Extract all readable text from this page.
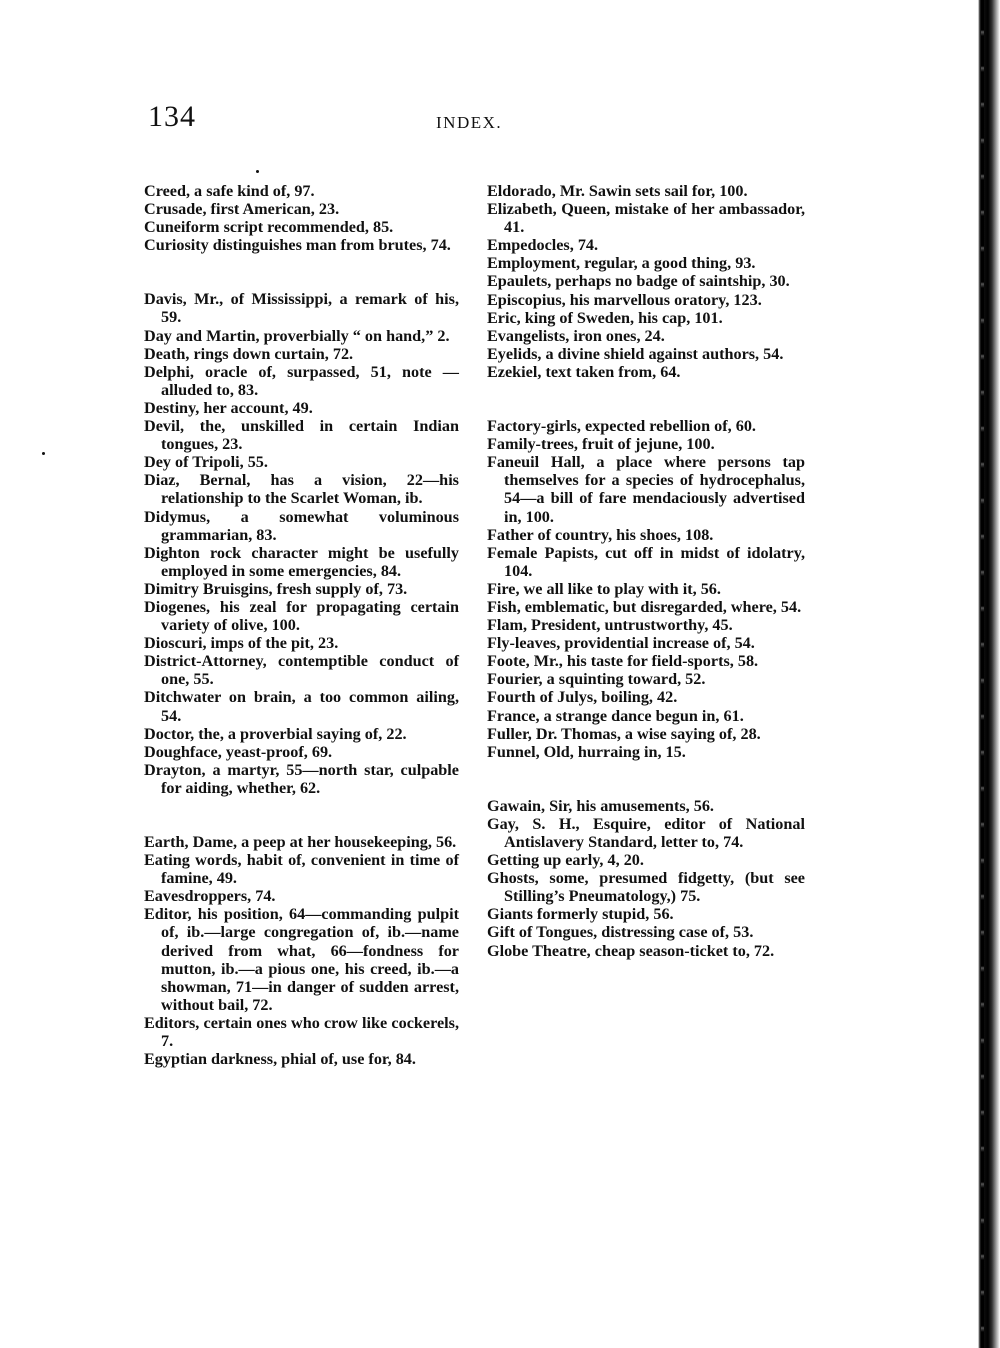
134	INDEX.

Creed, a safe kind of, 97.

Crusade, first American, 23.

Cuneiform script recommended, 85.

Curiosity distinguishes man from brutes, 74.

Davis, Mr., of Mississippi, a remark of his, 59.

Day and Martin, proverbially “ on hand,” 2.

Death, rings down curtain, 72.

Delphi, oracle of, surpassed, 51, note —alluded to, 83.

Destiny, her account, 49.

Devil, the, unskilled in certain Indian tongues, 23.

Dey of Tripoli, 55.

Diaz, Bernal, has a vision, 22—his relationship to the Scarlet Woman, ib.

Didymus, a somewhat voluminous grammarian, 83.

Dighton rock character might be usefully employed in some emergencies, 84.

Dimitry Bruisgins, fresh supply of, 73.

Diogenes, his zeal for propagating certain variety of olive, 100.

Dioscuri, imps of the pit, 23.

District-Attorney, contemptible conduct of one, 55.

Ditchwater on brain, a too common ailing, 54.

Doctor, the, a proverbial saying of, 22.

Doughface, yeast-proof, 69.

Drayton, a martyr, 55—north star, culpable for aiding, whether, 62.

Earth, Dame, a peep at her housekeeping, 56.

Eating words, habit of, convenient in time of famine, 49.

Eavesdroppers, 74.

Editor, his position, 64—commanding pulpit of, ib.—large congregation of, ib.—name derived from what, 66—fondness for mutton, ib.—a pious one, his creed, ib.—a showman, 71—in danger of sudden arrest, without bail, 72.

Editors, certain ones who crow like cockerels, 7.

Egyptian darkness, phial of, use for, 84.

Eldorado, Mr. Sawin sets sail for, 100.

Elizabeth, Queen, mistake of her ambassador, 41.

Empedocles, 74.

Employment, regular, a good thing, 93.

Epaulets, perhaps no badge of saintship, 30.

Episcopius, his marvellous oratory, 123.

Eric, king of Sweden, his cap, 101.

Evangelists, iron ones, 24.

Eyelids, a divine shield against authors, 54.

Ezekiel, text taken from, 64.

Factory-girls, expected rebellion of, 60.

Family-trees, fruit of jejune, 100.

Faneuil Hall, a place where persons tap themselves for a species of hydrocephalus, 54—a bill of fare mendaciously advertised in, 100.

Father of country, his shoes, 108.

Female Papists, cut off in midst of idolatry, 104.

Fire, we all like to play with it, 56.

Fish, emblematic, but disregarded, where, 54.

Flam, President, untrustworthy, 45.

Fly-leaves, providential increase of, 54.

Foote, Mr., his taste for field-sports, 58.

Fourier, a squinting toward, 52.

Fourth of Julys, boiling, 42.

France, a strange dance begun in, 61.

Fuller, Dr. Thomas, a wise saying of, 28.

Funnel, Old, hurraing in, 15.

Gawain, Sir, his amusements, 56.

Gay, S. H., Esquire, editor of National Antislavery Standard, letter to, 74.

Getting up early, 4, 20.

Ghosts, some, presumed fidgetty, (but see Stilling’s Pneumatology,) 75.

Giants formerly stupid, 56.

Gift of Tongues, distressing case of, 53.

Globe Theatre, cheap season-ticket to, 72.
